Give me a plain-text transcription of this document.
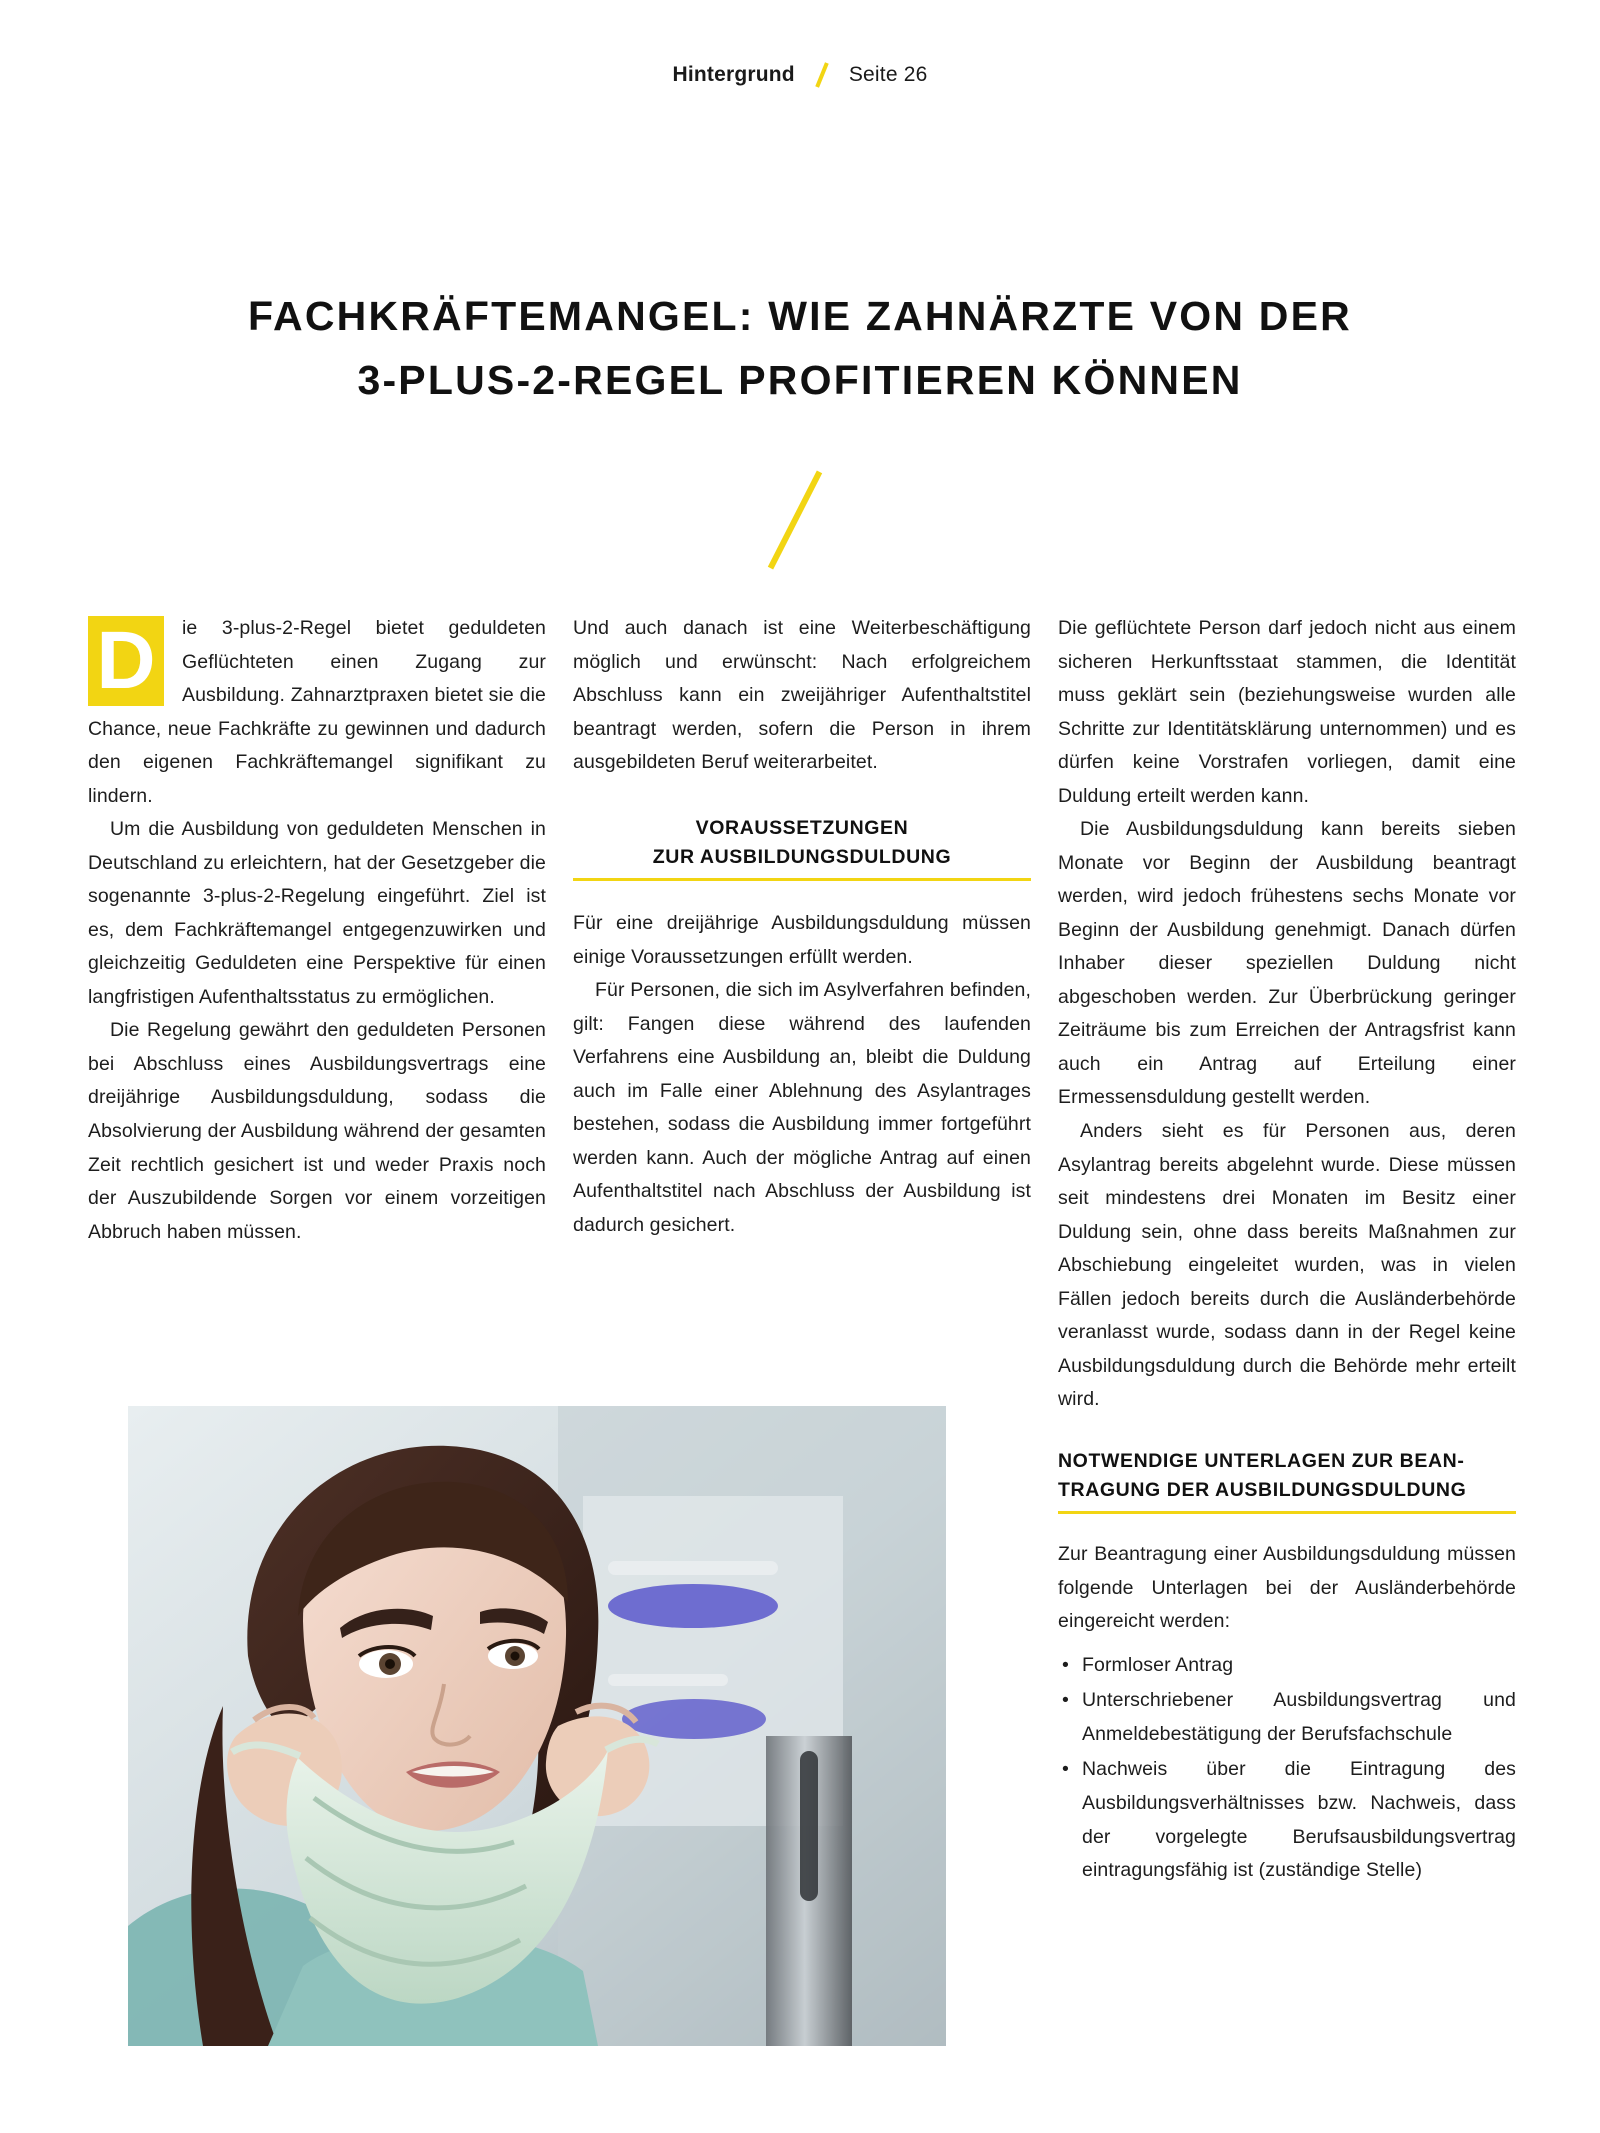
Hintergrund	Seite 26
FACHKRÄFTEMANGEL: WIE ZAHNÄRZTE VON DER
3-PLUS-2-REGEL PROFITIEREN KÖNNEN

D	ie 3-plus-2-Regel bietet geduldeten Geflüchteten einen Zugang zur Ausbildung. Zahnarztpraxen bietet sie die Chance, neue Fachkräfte zu gewinnen und dadurch den eigenen Fachkräftemangel signifikant zu lindern.

Um die Ausbildung von geduldeten Menschen in Deutschland zu erleichtern, hat der Gesetzgeber die sogenannte 3-plus-2-Regelung eingeführt. Ziel ist es, dem Fachkräftemangel entgegenzuwirken und gleichzeitig Geduldeten eine Perspektive für einen langfristigen Aufenthaltsstatus zu ermöglichen.

Die Regelung gewährt den geduldeten Personen bei Abschluss eines Ausbildungsvertrags eine dreijährige Ausbildungsduldung, sodass die Absolvierung der Ausbildung während der gesamten Zeit rechtlich gesichert ist und weder Praxis noch der Auszubildende Sorgen vor einem vorzeitigen Abbruch haben müssen.

Und auch danach ist eine Weiterbeschäftigung möglich und erwünscht: Nach erfolgreichem Abschluss kann ein zweijähriger Aufenthaltstitel beantragt werden, sofern die Person in ihrem ausgebildeten Beruf weiterarbeitet.

VORAUSSETZUNGEN
ZUR AUSBILDUNGSDULDUNG

Für eine dreijährige Ausbildungsduldung müssen einige Voraussetzungen erfüllt werden.

Für Personen, die sich im Asylverfahren befinden, gilt: Fangen diese während des laufenden Verfahrens eine Ausbildung an, bleibt die Duldung auch im Falle einer Ablehnung des Asylantrages bestehen, sodass die Ausbildung immer fortgeführt werden kann. Auch der mögliche Antrag auf einen Aufenthaltstitel nach Abschluss der Ausbildung ist dadurch gesichert.

Die geflüchtete Person darf jedoch nicht aus einem sicheren Herkunftsstaat stammen, die Identität muss geklärt sein (beziehungsweise wurden alle Schritte zur Identitätsklärung unternommen) und es dürfen keine Vorstrafen vorliegen, damit eine Duldung erteilt werden kann.

Die Ausbildungsduldung kann bereits sieben Monate vor Beginn der Ausbildung beantragt werden, wird jedoch frühestens sechs Monate vor Beginn der Ausbildung genehmigt. Danach dürfen Inhaber dieser speziellen Duldung nicht abgeschoben werden. Zur Überbrückung geringer Zeiträume bis zum Erreichen der Antragsfrist kann auch ein Antrag auf Erteilung einer Ermessensduldung gestellt werden.

Anders sieht es für Personen aus, deren Asylantrag bereits abgelehnt wurde. Diese müssen seit mindestens drei Monaten im Besitz einer Duldung sein, ohne dass bereits Maßnahmen zur Abschiebung eingeleitet wurden, was in vielen Fällen jedoch bereits durch die Ausländerbehörde veranlasst wurde, sodass dann in der Regel keine Ausbildungsduldung durch die Behörde mehr erteilt wird.

NOTWENDIGE UNTERLAGEN ZUR BEAN-
TRAGUNG DER AUSBILDUNGSDULDUNG

Zur Beantragung einer Ausbildungsduldung müssen folgende Unterlagen bei der Ausländerbehörde eingereicht werden:

• Formloser Antrag
• Unterschriebener Ausbildungsvertrag und Anmeldebestätigung der Berufsfachschule
• Nachweis über die Eintragung des Ausbildungsverhältnisses bzw. Nachweis, dass der vorgelegte Berufsausbildungsvertrag eintragungsfähig ist (zuständige Stelle)
